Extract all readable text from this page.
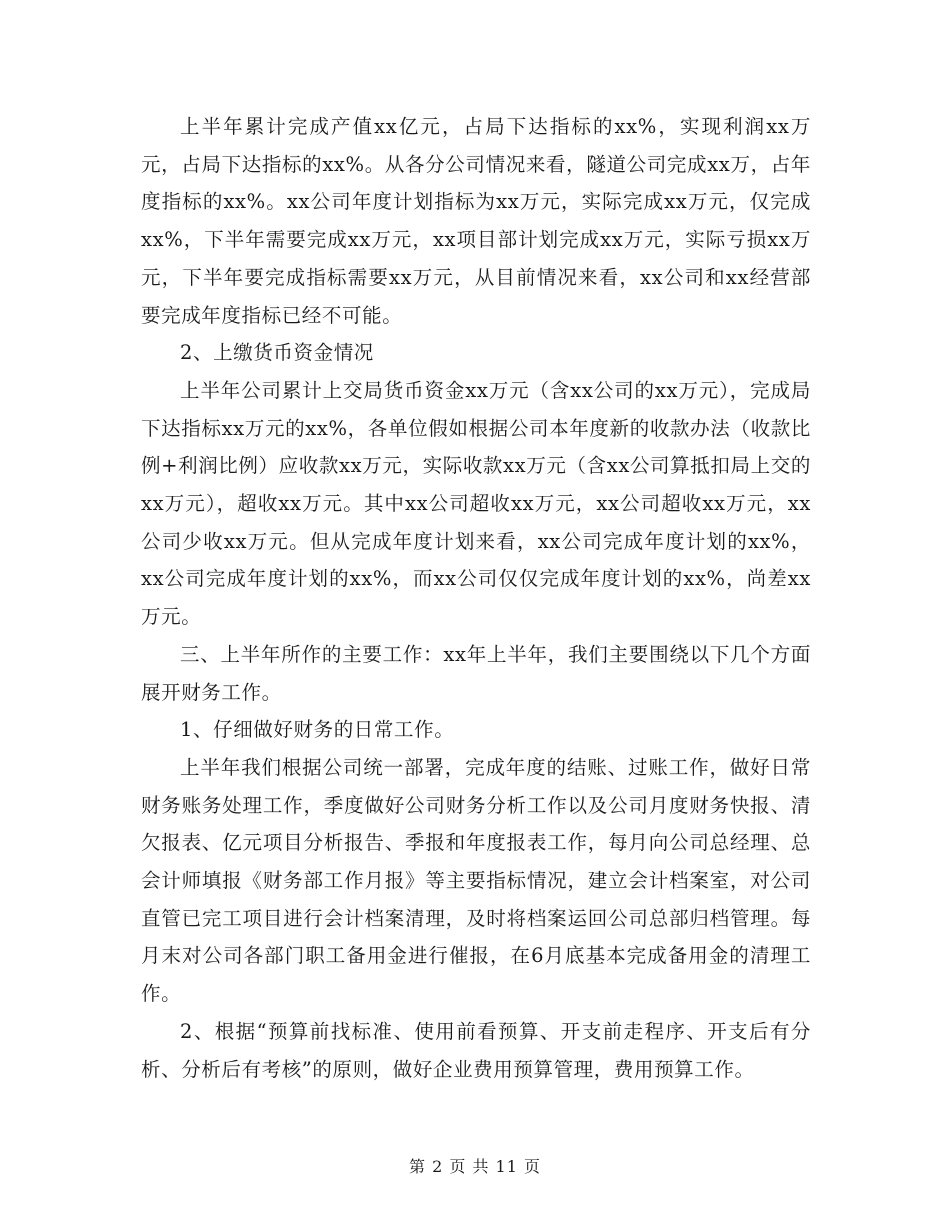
上半年累计完成产值xx亿元，占局下达指标的xx%，实现利润xx万元，占局下达指标的xx%。从各分公司情况来看，隧道公司完成xx万，占年度指标的xx%。xx公司年度计划指标为xx万元，实际完成xx万元，仅完成xx%，下半年需要完成xx万元，xx项目部计划完成xx万元，实际亏损xx万元，下半年要完成指标需要xx万元，从目前情况来看，xx公司和xx经营部要完成年度指标已经不可能。

2、上缴货币资金情况

上半年公司累计上交局货币资金xx万元（含xx公司的xx万元），完成局下达指标xx万元的xx%，各单位假如根据公司本年度新的收款办法（收款比例+利润比例）应收款xx万元，实际收款xx万元（含xx公司算抵扣局上交的xx万元），超收xx万元。其中xx公司超收xx万元，xx公司超收xx万元，xx公司少收xx万元。但从完成年度计划来看，xx公司完成年度计划的xx%，xx公司完成年度计划的xx%，而xx公司仅仅完成年度计划的xx%，尚差xx万元。

三、上半年所作的主要工作：xx年上半年，我们主要围绕以下几个方面展开财务工作。

1、仔细做好财务的日常工作。

上半年我们根据公司统一部署，完成年度的结账、过账工作，做好日常财务账务处理工作，季度做好公司财务分析工作以及公司月度财务快报、清欠报表、亿元项目分析报告、季报和年度报表工作，每月向公司总经理、总会计师填报《财务部工作月报》等主要指标情况，建立会计档案室，对公司直管已完工项目进行会计档案清理，及时将档案运回公司总部归档管理。每月末对公司各部门职工备用金进行催报，在6月底基本完成备用金的清理工作。

2、根据“预算前找标准、使用前看预算、开支前走程序、开支后有分析、分析后有考核”的原则，做好企业费用预算管理，费用预算工作。

第 2 页 共 11 页
